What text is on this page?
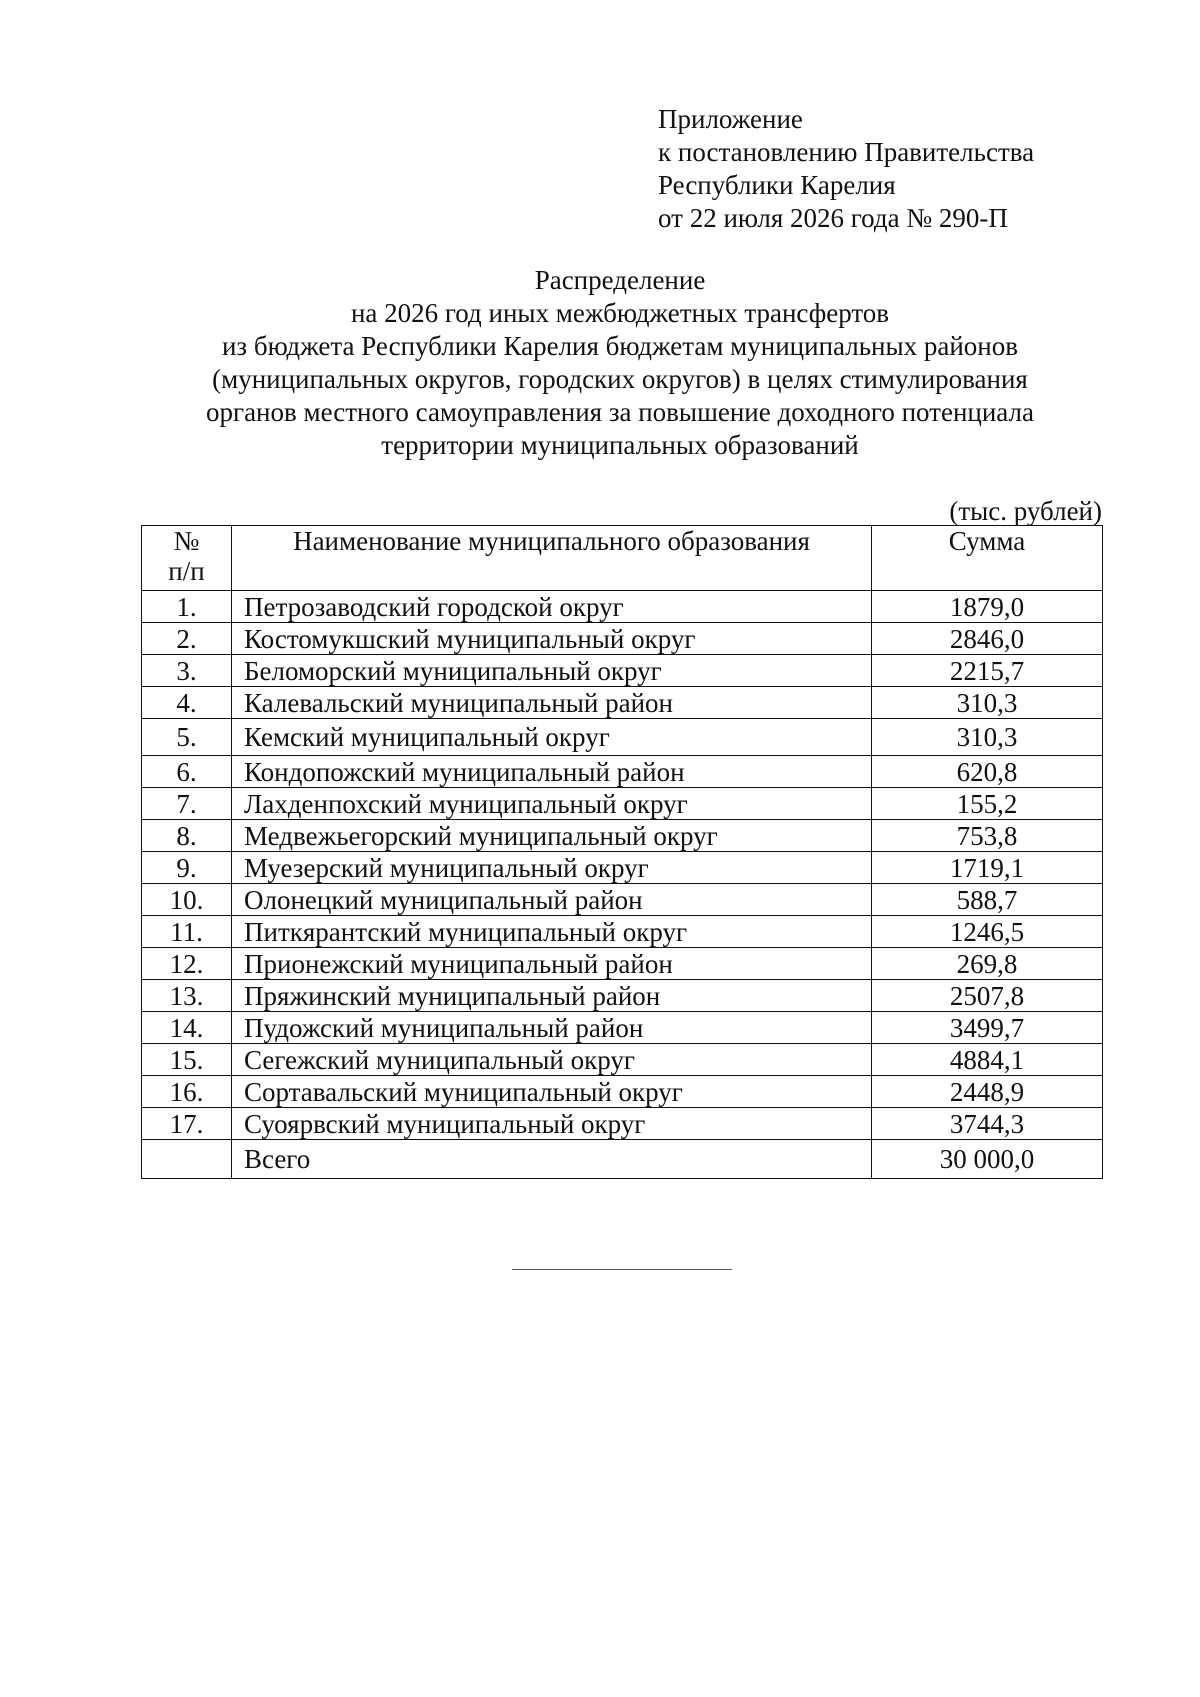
Приложение
к постановлению Правительства
Республики Карелия
от 22 июля 2026 года № 290-П
Распределение
на 2026 год иных межбюджетных трансфертов
из бюджета Республики Карелия бюджетам муниципальных районов
(муниципальных округов, городских округов) в целях стимулирования
органов местного самоуправления за повышение доходного потенциала
территории муниципальных образований
(тыс. рублей)
№
п/п	Наименование муниципального образования	Сумма
1.	Петрозаводский городской округ	1879,0
2.	Костомукшский муниципальный округ	2846,0
3.	Беломорский муниципальный округ	2215,7
4.	Калевальский муниципальный район	310,3
5.	Кемский муниципальный округ	310,3
6.	Кондопожский муниципальный район	620,8
7.	Лахденпохский муниципальный округ	155,2
8.	Медвежьегорский муниципальный округ	753,8
9.	Муезерский муниципальный округ	1719,1
10.	Олонецкий муниципальный район	588,7
11.	Питкярантский муниципальный округ	1246,5
12.	Прионежский муниципальный район	269,8
13.	Пряжинский муниципальный район	2507,8
14.	Пудожский муниципальный район	3499,7
15.	Сегежский муниципальный округ	4884,1
16.	Сортавальский муниципальный округ	2448,9
17.	Суоярвский муниципальный округ	3744,3
	Всего	30 000,0
